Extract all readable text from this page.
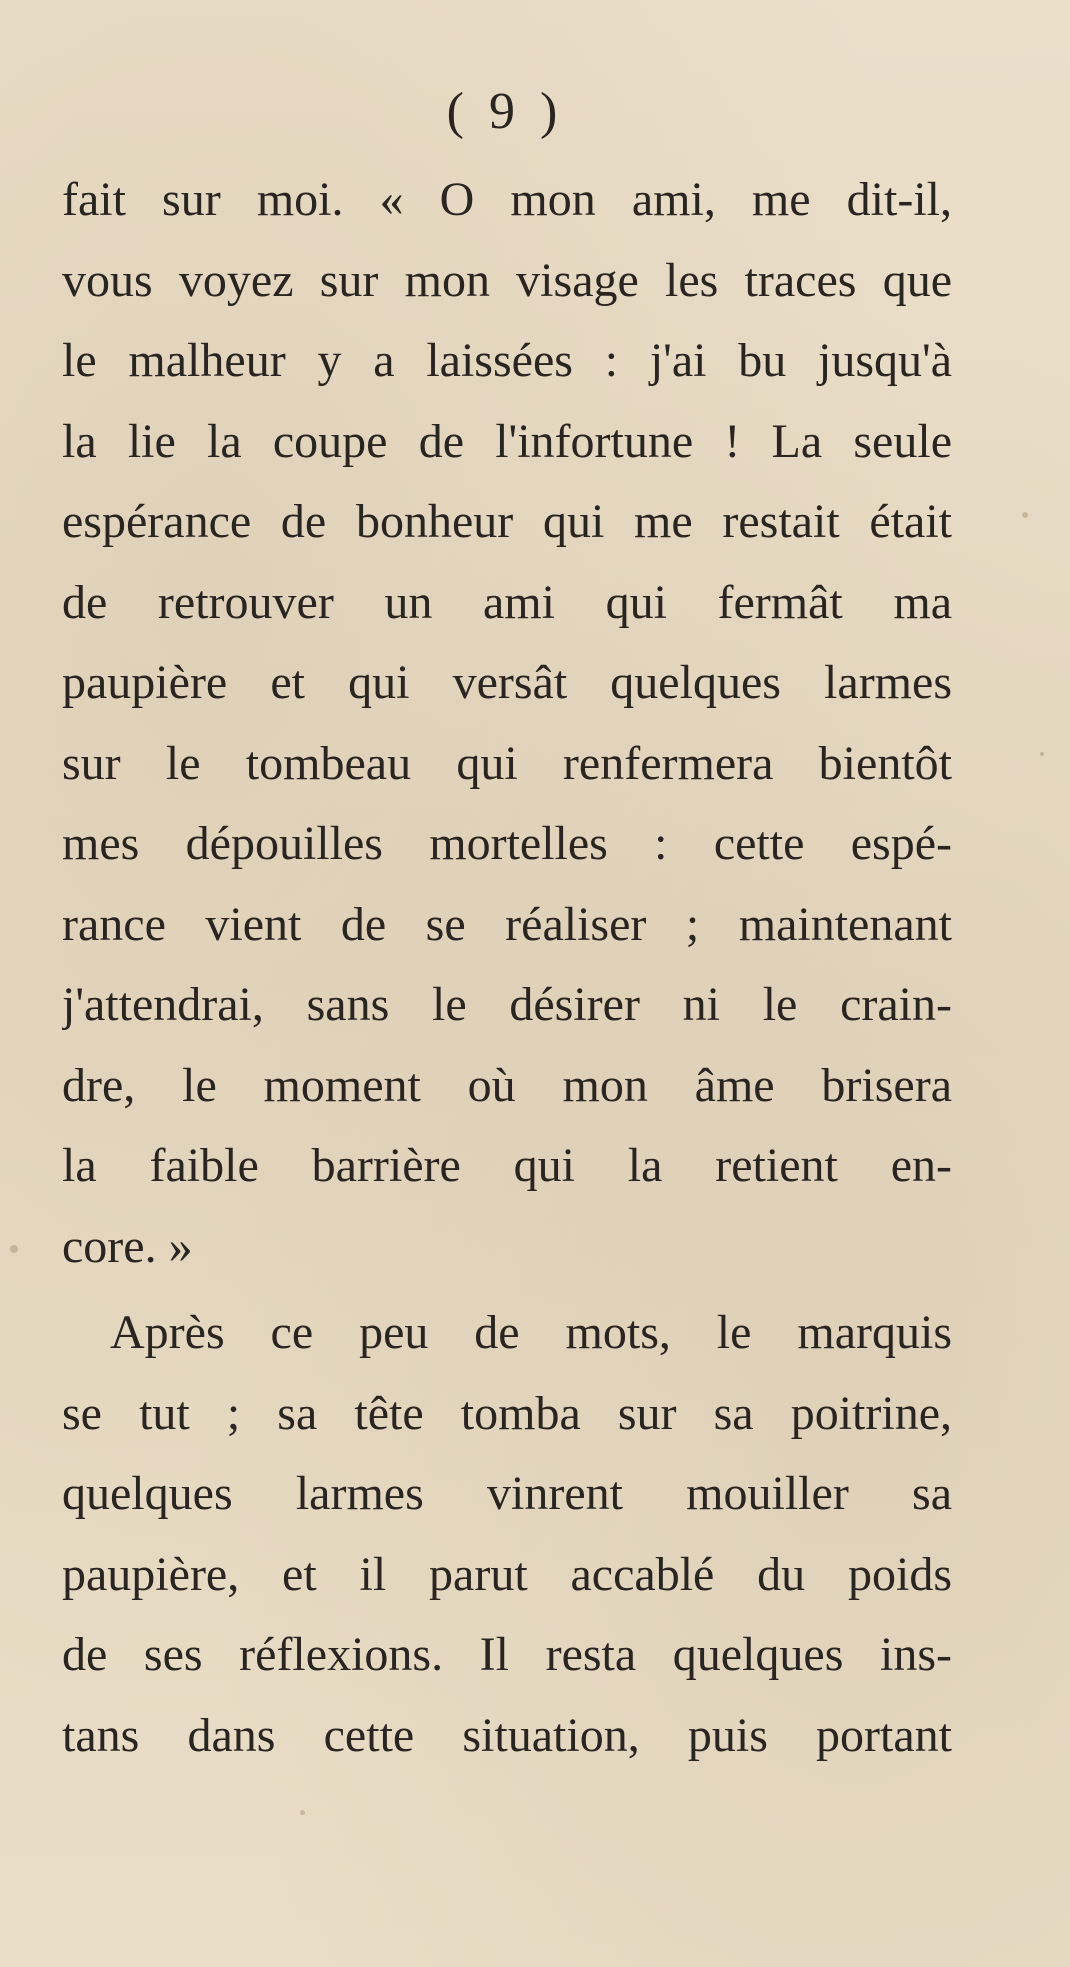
( 9 )
fait sur moi. « O mon ami, me dit-il,
vous voyez sur mon visage les traces que
le malheur y a laissées : j'ai bu jusqu'à
la lie la coupe de l'infortune ! La seule
espérance de bonheur qui me restait était
de retrouver un ami qui fermât ma
paupière et qui versât quelques larmes
sur le tombeau qui renfermera bientôt
mes dépouilles mortelles : cette espé-
rance vient de se réaliser ; maintenant
j'attendrai, sans le désirer ni le crain-
dre, le moment où mon âme brisera
la faible barrière qui la retient en-
core. »
Après ce peu de mots, le marquis
se tut ; sa tête tomba sur sa poitrine,
quelques larmes vinrent mouiller sa
paupière, et il parut accablé du poids
de ses réflexions. Il resta quelques ins-
tans dans cette situation, puis portant
